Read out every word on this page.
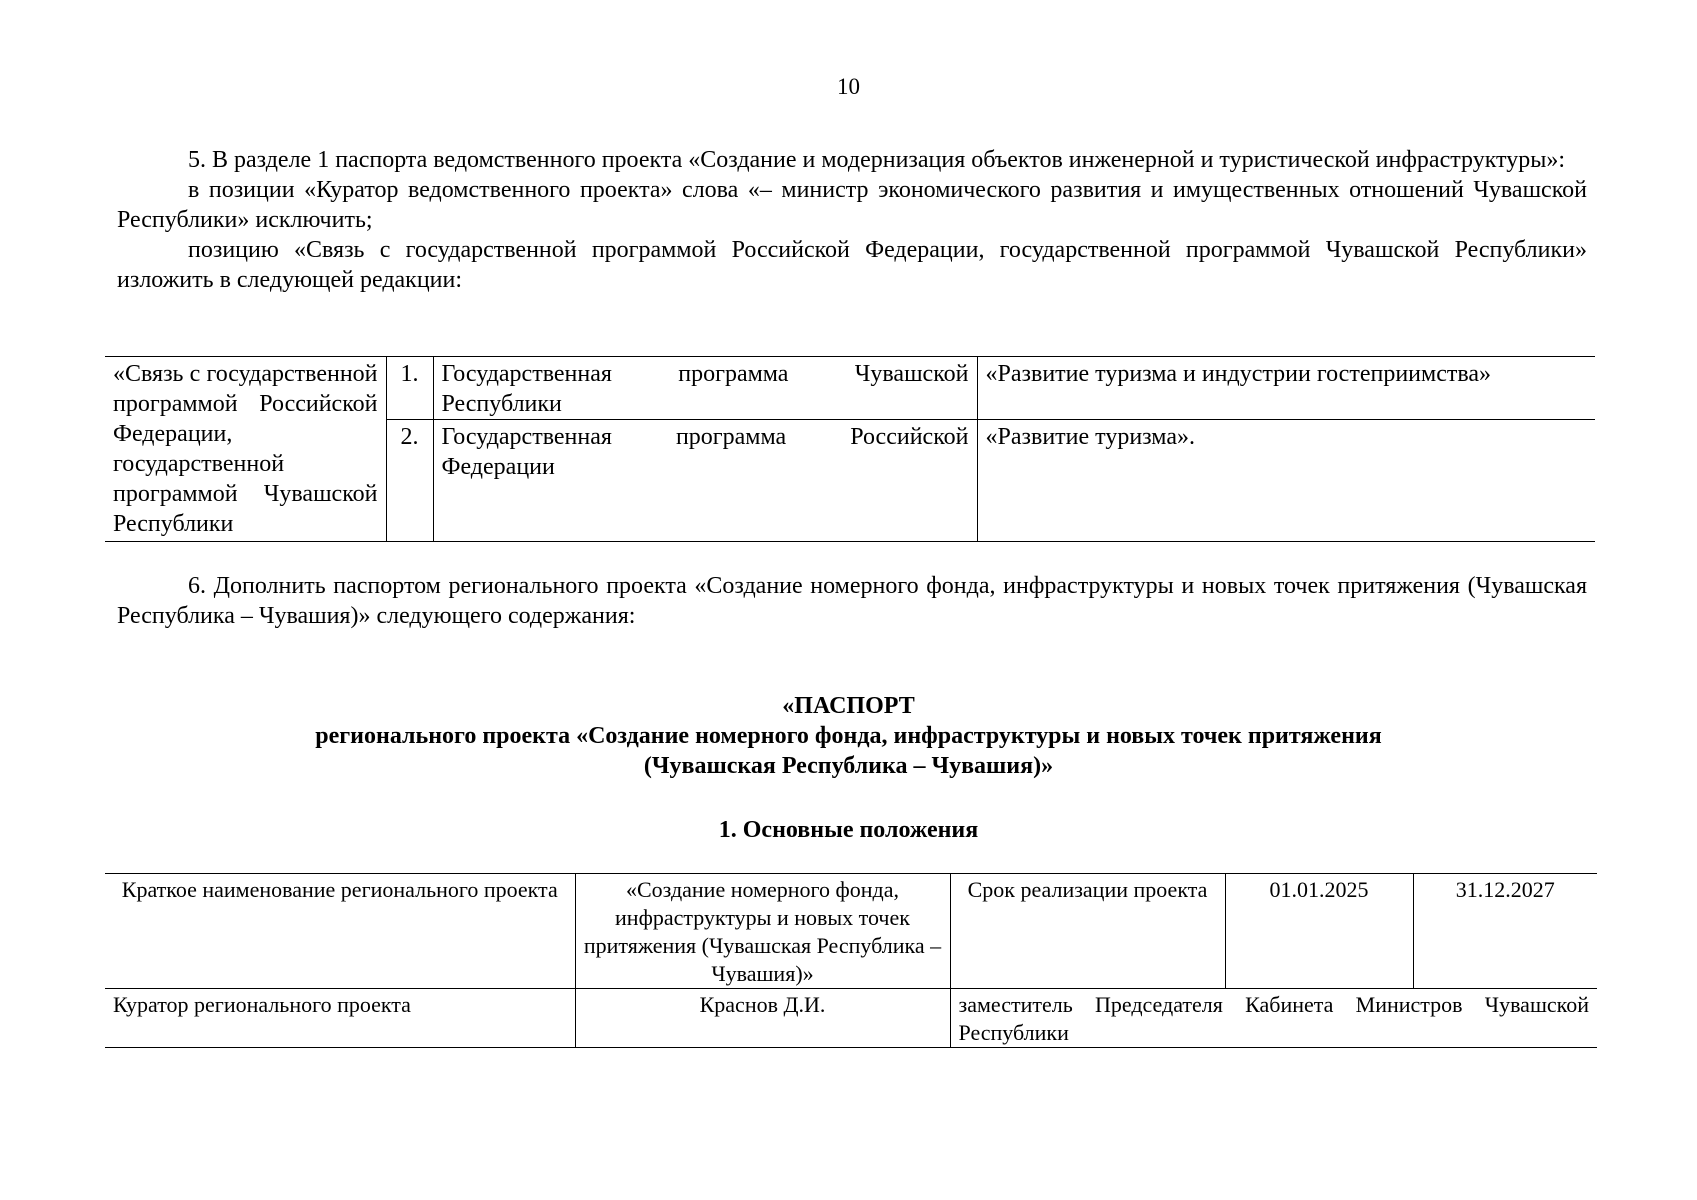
10

5. В разделе 1 паспорта ведомственного проекта «Создание и модернизация объектов инженерной и туристической инфраструктуры»:

в позиции «Куратор ведомственного проекта» слова «– министр экономического развития и имущественных отношений Чувашской Республики» исключить;

позицию «Связь с государственной программой Российской Федерации, государственной программой Чувашской Республики» изложить в следующей редакции:

«Связь с государственной программой Российской Федерации, государственной программой Чувашской Республики	1.	Государственная программа Чувашской Республики	«Развитие туризма и индустрии гостеприимства»
	2.	Государственная программа Российской Федерации	«Развитие туризма».

6. Дополнить паспортом регионального проекта «Создание номерного фонда, инфраструктуры и новых точек притяжения (Чувашская Республика – Чувашия)» следующего содержания:

«ПАСПОРТ
регионального проекта «Создание номерного фонда, инфраструктуры и новых точек притяжения
(Чувашская Республика – Чувашия)»
1. Основные положения
Краткое наименование регионального проекта	«Создание номерного фонда, инфраструктуры и новых точек притяжения (Чувашская Республика – Чувашия)»	Срок реализации проекта	01.01.2025	31.12.2027
Куратор регионального проекта	Краснов Д.И.	заместитель Председателя Кабинета Министров Чувашской Республики		
